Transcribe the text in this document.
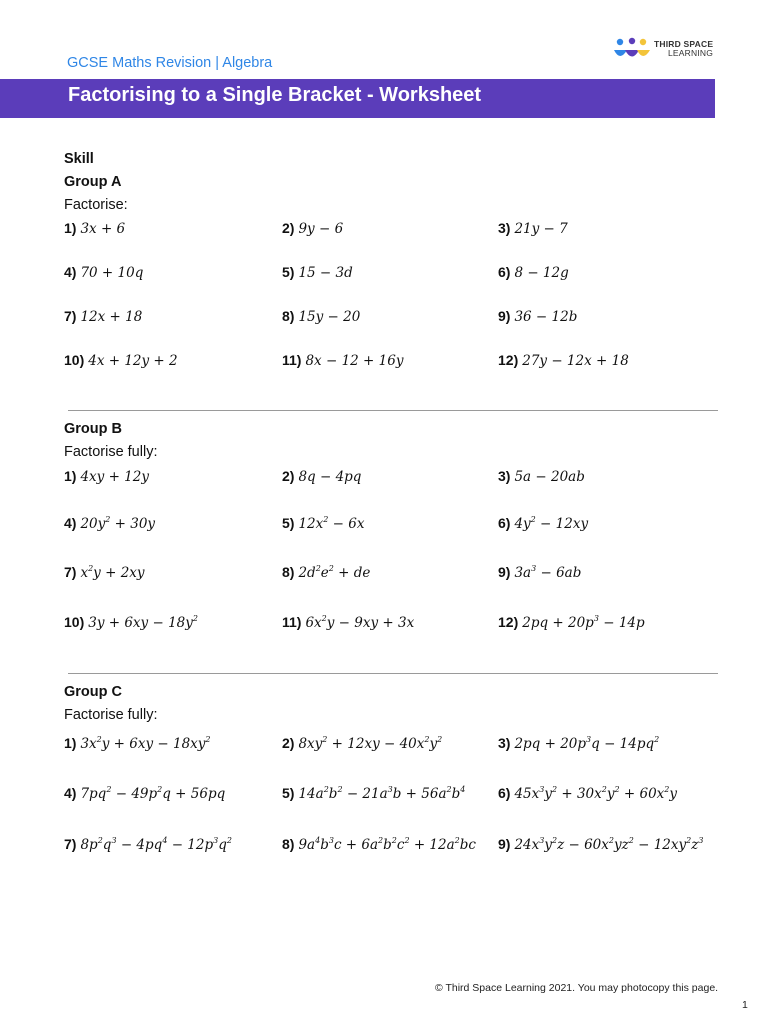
GCSE Maths Revision | Algebra
THIRD SPACE
LEARNING
Factorising to a Single Bracket - Worksheet
Skill
Group A
Factorise:
1) 3x + 6	2) 9y − 6	3) 21y − 7
4) 70 + 10q	5) 15 − 3d	6) 8 − 12g
7) 12x + 18	8) 15y − 20	9) 36 − 12b
10) 4x + 12y + 2	11) 8x − 12 + 16y	12) 27y − 12x + 18
Group B
Factorise fully:
1) 4xy + 12y	2) 8q − 4pq	3) 5a − 20ab
4) $20y^2 + 30y$	5) $12x^2 - 6x$	6) $4y^2 - 12xy$
7) $x^2y + 2xy$	8) $2d^2e^2$ + de	9) $3a^3 - 6ab$
10) $3y + 6xy - 18y^2$	11) $6x^2y - 9xy + 3x$	12) $2pq + 20p^3 - 14p$
Group C
Factorise fully:
1) $3x^2y + 6xy - 18xy^2$	2) $8xy^2 + 12xy - 40x^2y^2$	3) $2pq + 20p^3q - 14pq^2$
4) $7pq^2 - 49p^2q + 56pq$	5) $14a^2b^2 - 21a^3b + 56a^2b^4$ 6) $45x^3y^2 + 30x^2y^2 + 60x^2y$
7) $8p^2q^3 - 4pq^4 - 12p^3q^2$	8) $9a^4b^3c + 6a^2b^2c^2 + 12a^2bc$ 9) $24x^3y^2z - 60x^2yz^2 - 12xy^2z^3$
© Third Space Learning 2021. You may photocopy this page.
1
